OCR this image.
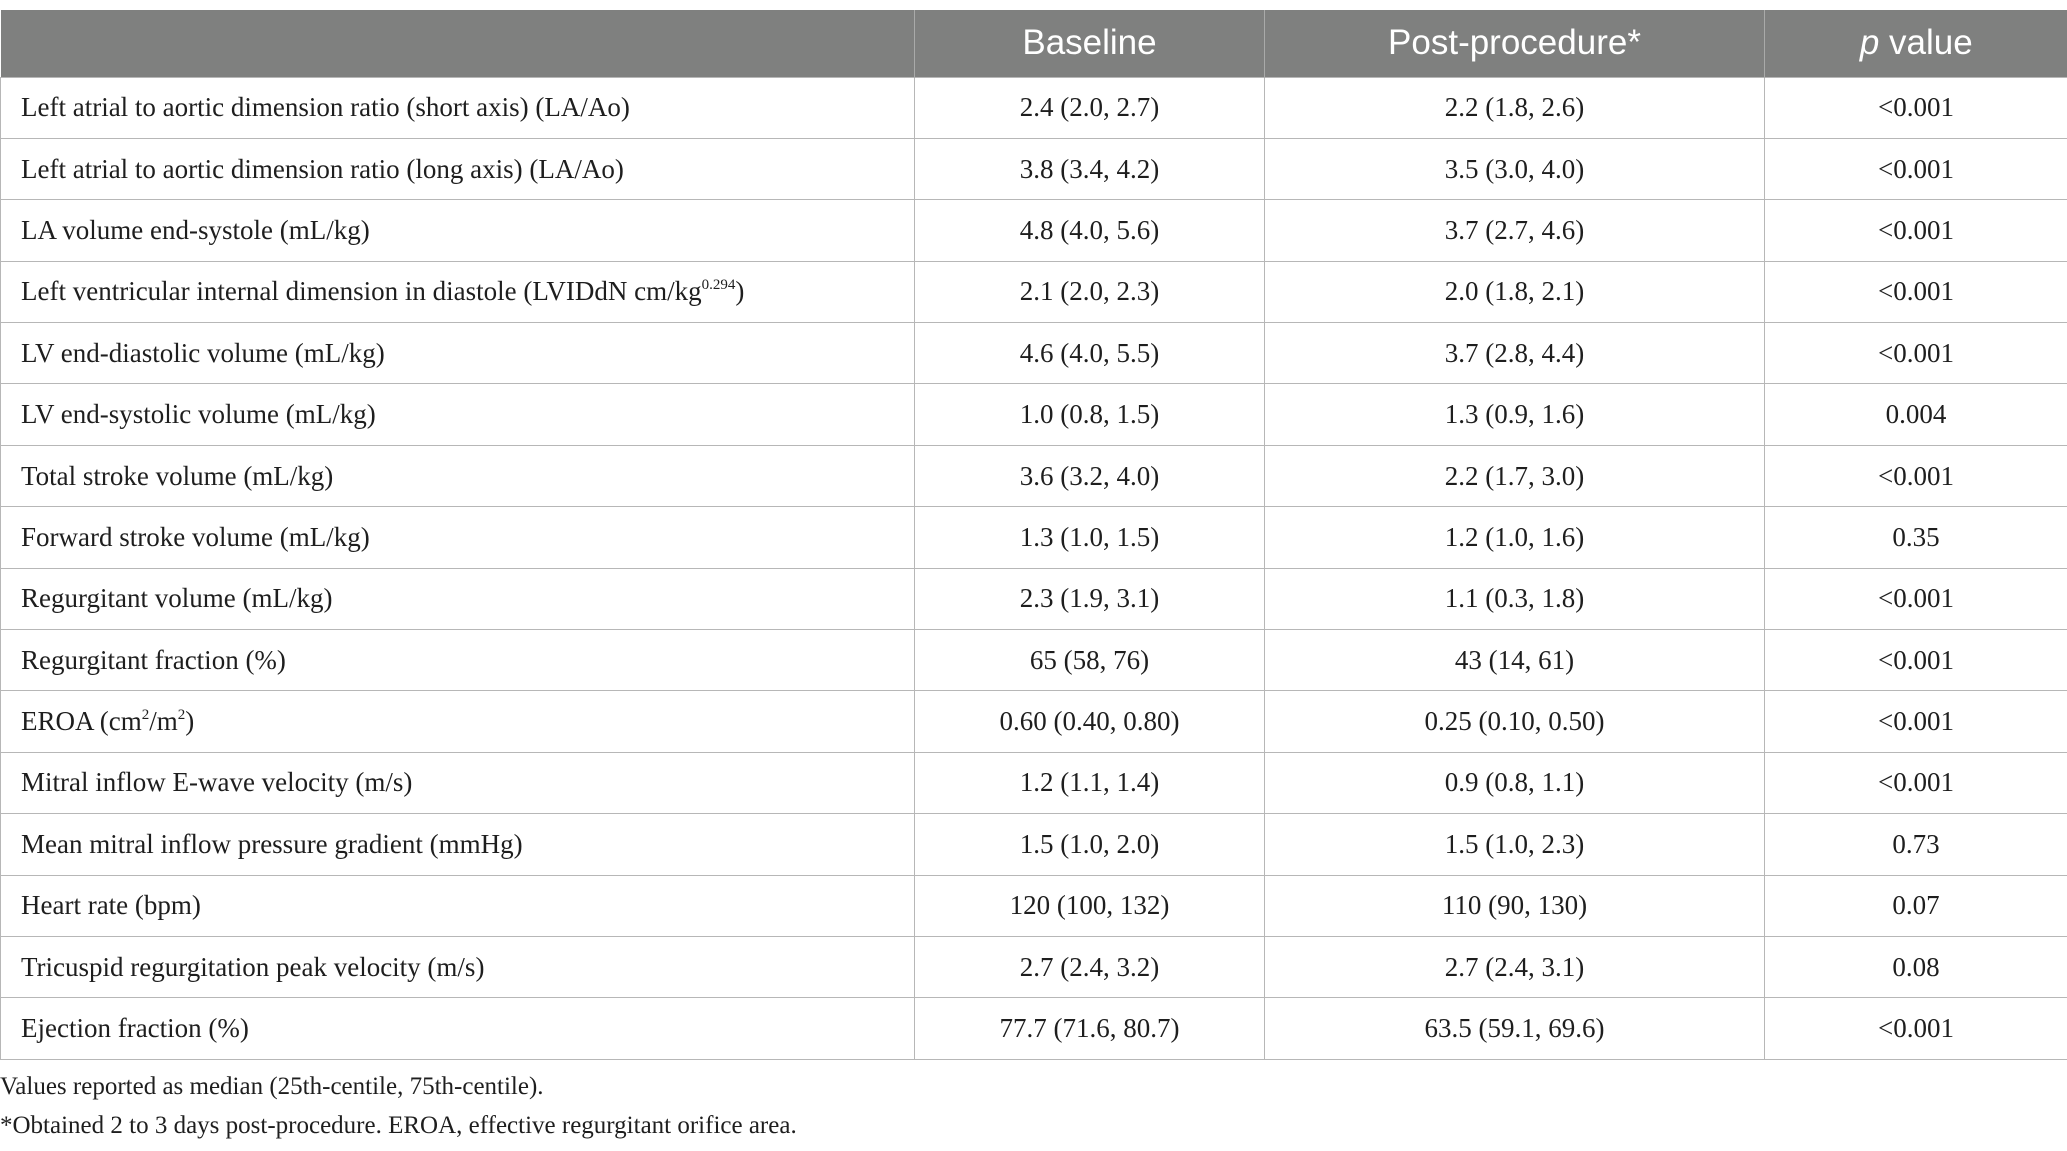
	Baseline	Post-procedure*	p value
Left atrial to aortic dimension ratio (short axis) (LA/Ao)	2.4 (2.0, 2.7)	2.2 (1.8, 2.6)	<0.001
Left atrial to aortic dimension ratio (long axis) (LA/Ao)	3.8 (3.4, 4.2)	3.5 (3.0, 4.0)	<0.001
LA volume end-systole (mL/kg)	4.8 (4.0, 5.6)	3.7 (2.7, 4.6)	<0.001
Left ventricular internal dimension in diastole (LVIDdN $cm/kg^{0.294}$)	2.1 (2.0, 2.3)	2.0 (1.8, 2.1)	<0.001
LV end-diastolic volume (mL/kg)	4.6 (4.0, 5.5)	3.7 (2.8, 4.4)	<0.001
LV end-systolic volume (mL/kg)	1.0 (0.8, 1.5)	1.3 (0.9, 1.6)	0.004
Total stroke volume (mL/kg)	3.6 (3.2, 4.0)	2.2 (1.7, 3.0)	<0.001
Forward stroke volume (mL/kg)	1.3 (1.0, 1.5)	1.2 (1.0, 1.6)	0.35
Regurgitant volume (mL/kg)	2.3 (1.9, 3.1)	1.1 (0.3, 1.8)	<0.001
Regurgitant fraction (%)	65 (58, 76)	43 (14, 61)	<0.001
EROA $(cm^2/m^2)$	0.60 (0.40, 0.80)	0.25 (0.10, 0.50)	<0.001
Mitral inflow E-wave velocity (m/s)	1.2 (1.1, 1.4)	0.9 (0.8, 1.1)	<0.001
Mean mitral inflow pressure gradient (mmHg)	1.5 (1.0, 2.0)	1.5 (1.0, 2.3)	0.73
Heart rate (bpm)	120 (100, 132)	110 (90, 130)	0.07
Tricuspid regurgitation peak velocity (m/s)	2.7 (2.4, 3.2)	2.7 (2.4, 3.1)	0.08
Ejection fraction (%)	77.7 (71.6, 80.7)	63.5 (59.1, 69.6)	<0.001
Values reported as median (25th-centile, 75th-centile).
*Obtained 2 to 3 days post-procedure. EROA, effective regurgitant orifice area.
